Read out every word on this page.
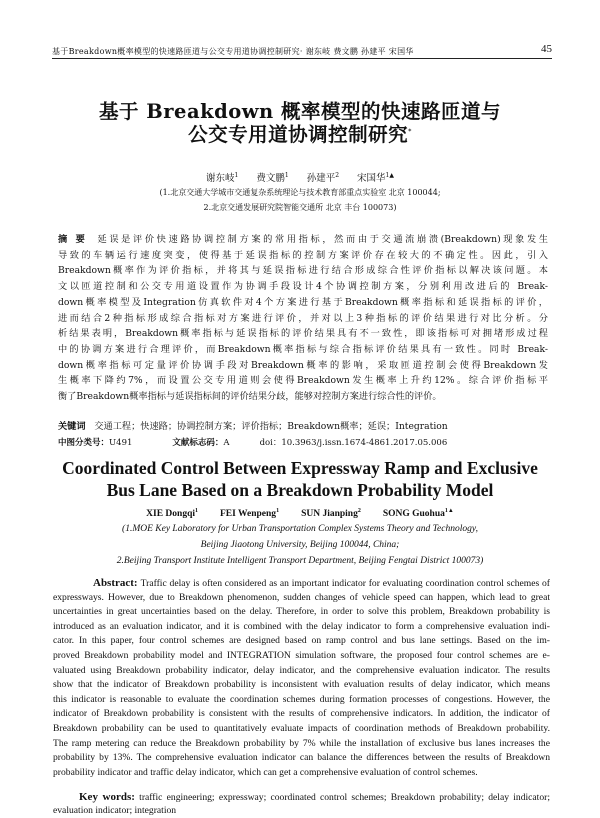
基于Breakdown概率模型的快速路匝道与公交专用道协调控制研究· 谢东岐 费文鹏 孙建平 宋国华	45
基于 Breakdown 概率模型的快速路匝道与
公交专用道协调控制研究*
谢东岐$^1$ 费文鹏$^1$ 孙建平$^2$ 宋国华$^{1▲}$
(1.北京交通大学城市交通复杂系统理论与技术教育部重点实验室 北京 100044;
2.北京交通发展研究院智能交通所 北京 丰台 100073)
摘 要 延误是评价快速路协调控制方案的常用指标，然而由于交通流崩溃(Breakdown)现象发生
导致的车辆运行速度突变，使得基于延误指标的控制方案评价存在较大的不确定性。因此，引入
Breakdown概率作为评价指标，并将其与延误指标进行结合形成综合性评价指标以解决该问题。本
文以匝道控制和公交专用道设置作为协调手段设计4个协调控制方案，分别利用改进后的 Break-
down概率模型及Integration仿真软件对4个方案进行基于Breakdown概率指标和延误指标的评价，
进而结合2种指标形成综合指标对方案进行评价，并对以上3种指标的评价结果进行对比分析。分
析结果表明，Breakdown概率指标与延误指标的评价结果具有不一致性，即该指标可对拥堵形成过程
中的协调方案进行合理评价，而Breakdown概率指标与综合指标评价结果具有一致性。同时 Break-
down概率指标可定量评价协调手段对Breakdown概率的影响，采取匝道控制会使得Breakdown发
生概率下降约7%，而设置公交专用道则会使得Breakdown发生概率上升约12%。综合评价指标平
衡了Breakdown概率指标与延误指标间的评价结果分歧，能够对控制方案进行综合性的评价。
关键词 交通工程；快速路；协调控制方案；评价指标；Breakdown概率；延误；Integration
中图分类号：U491	文献标志码：A	doi：10.3963/j.issn.1674-4861.2017.05.006
Coordinated Control Between Expressway Ramp and Exclusive
Bus Lane Based on a Breakdown Probability Model
XIE Dongqi$^1$ FEI Wenpeng$^1$ SUN Jianping$^2$ SONG Guohua$^{1▲}$
(1.MOE Key Laboratory for Urban Transportation Complex Systems Theory and Technology,
Beijing Jiaotong University, Beijing 100044, China;
2.Beijing Transport Institute Intelligent Transport Department, Beijing Fengtai District 100073)
Abstract: Traffic delay is often considered as an important indicator for evaluating coordination control schemes of
expressways. However, due to Breakdown phenomenon, sudden changes of vehicle speed can happen, which lead to great
uncertainties in great uncertainties based on the delay. Therefore, in order to solve this problem, Breakdown probability is
introduced as an evaluation indicator, and it is combined with the delay indicator to form a comprehensive evaluation indi-
cator. In this paper, four control schemes are designed based on ramp control and bus lane settings. Based on the im-
proved Breakdown probability model and INTEGRATION simulation software, the proposed four control schemes are e-
valuated using Breakdown probability indicator, delay indicator, and the comprehensive evaluation indicator. The results
show that the indicator of Breakdown probability is inconsistent with evaluation results of delay indicator, which means
this indicator is reasonable to evaluate the coordination schemes during formation processes of congestions. However, the
indicator of Breakdown probability is consistent with the results of comprehensive indicators. In addition, the indicator of
Breakdown probability can be used to quantitatively evaluate impacts of coordination methods of Breakdown probability.
The ramp metering can reduce the Breakdown probability by 7% while the installation of exclusive bus lanes increases the
probability by 13%. The comprehensive evaluation indicator can balance the differences between the results of Breakdown
probability indicator and traffic delay indicator, which can get a comprehensive evaluation of control schemes.
Key words: traffic engineering; expressway; coordinated control schemes; Breakdown probability; delay indicator;
evaluation indicator; integration
